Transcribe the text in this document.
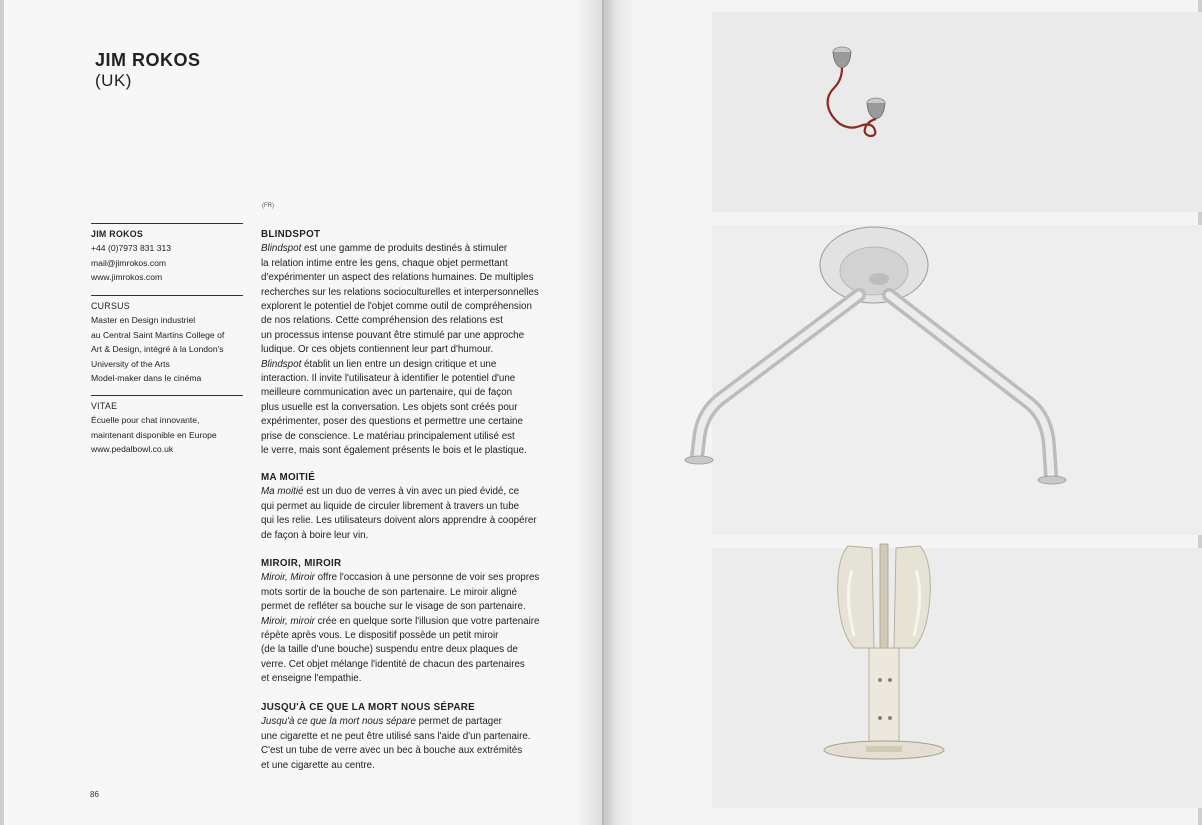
JIM ROKOS
(UK)
JIM ROKOS
+44 (0)7973 831 313
mail@jimrokos.com
www.jimrokos.com
CURSUS
Master en Design industriel
au Central Saint Martins College of
Art & Design, intégré à la London's
University of the Arts
Model-maker dans le cinéma
VITAE
Écuelle pour chat innovante,
maintenant disponible en Europe
www.pedalbowl.co.uk
(FR)
BLINDSPOT
Blindspot est une gamme de produits destinés à stimuler
la relation intime entre les gens, chaque objet permettant
d'expérimenter un aspect des relations humaines. De multiples
recherches sur les relations socioculturelles et interpersonnelles
explorent le potentiel de l'objet comme outil de compréhension
de nos relations. Cette compréhension des relations est
un processus intense pouvant être stimulé par une approche
ludique. Or ces objets contiennent leur part d'humour.
Blindspot établit un lien entre un design critique et une
interaction. Il invite l'utilisateur à identifier le potentiel d'une
meilleure communication avec un partenaire, qui de façon
plus usuelle est la conversation. Les objets sont créés pour
expérimenter, poser des questions et permettre une certaine
prise de conscience. Le matériau principalement utilisé est
le verre, mais sont également présents le bois et le plastique.
MA MOITIÉ
Ma moitié est un duo de verres à vin avec un pied évidé, ce
qui permet au liquide de circuler librement à travers un tube
qui les relie. Les utilisateurs doivent alors apprendre à coopérer
de façon à boire leur vin.
MIROIR, MIROIR
Miroir, Miroir offre l'occasion à une personne de voir ses propres
mots sortir de la bouche de son partenaire. Le miroir aligné
permet de refléter sa bouche sur le visage de son partenaire.
Miroir, miroir crée en quelque sorte l'illusion que votre partenaire
répète après vous. Le dispositif possède un petit miroir
(de la taille d'une bouche) suspendu entre deux plaques de
verre. Cet objet mélange l'identité de chacun des partenaires
et enseigne l'empathie.
JUSQU'À CE QUE LA MORT NOUS SÉPARE
Jusqu'à ce que la mort nous sépare permet de partager
une cigarette et ne peut être utilisé sans l'aide d'un partenaire.
C'est un tube de verre avec un bec à bouche aux extrémités
et une cigarette au centre.
86
